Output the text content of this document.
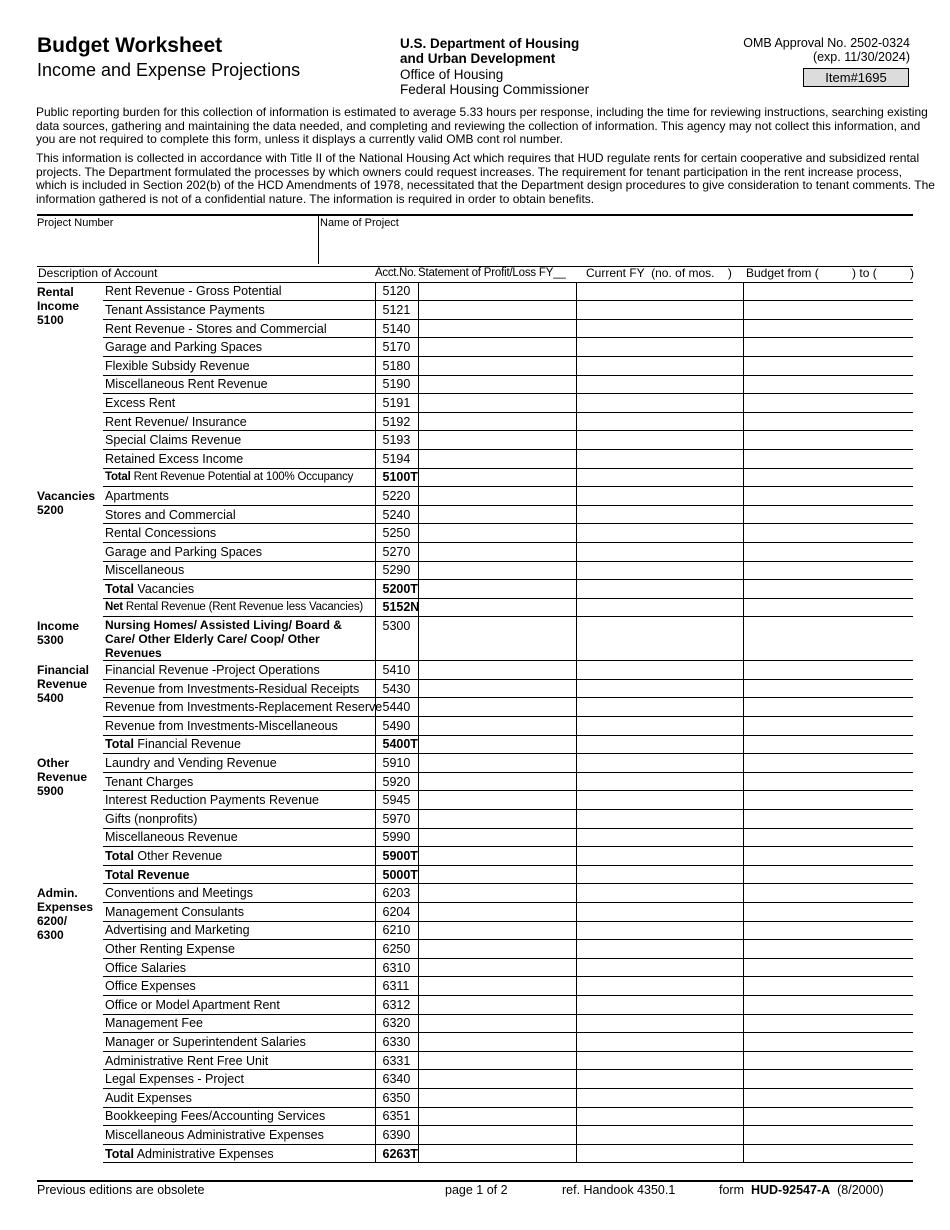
Budget Worksheet
Income and Expense Projections
U.S. Department of Housing
and Urban Development
Office of Housing
Federal Housing Commissioner
OMB Approval No. 2502-0324
(exp. 11/30/2024)
Item#1695
Public reporting burden for this collection of information is estimated to average 5.33 hours per response, including the time for reviewing instructions, searching existing data sources, gathering and maintaining the data needed, and completing and reviewing the collection of information. This agency may not collect this information, and you are not required to complete this form, unless it displays a currently valid OMB cont rol number.
This information is collected in accordance with Title II of the National Housing Act which requires that HUD regulate rents for certain cooperative and subsidized rental projects. The Department formulated the processes by which owners could request increases. The requirement for tenant participation in the rent increase process, which is included in Section 202(b) of the HCD Amendments of 1978, necessitated that the Department design procedures to give consideration to tenant comments. The information gathered is not of a confidential nature. The information is required in order to obtain benefits.
Project Number	Name of Project
Description of Account		Acct.No.	Statement of Profit/Loss FY__	Current FY  (no. of mos.    )	Budget from (          ) to (          )
Rental
Income
5100	Rent Revenue - Gross Potential	5120			
	Tenant Assistance Payments	5121			
	Rent Revenue - Stores and Commercial	5140			
	Garage and Parking Spaces	5170			
	Flexible Subsidy Revenue	5180			
	Miscellaneous Rent Revenue	5190			
	Excess Rent	5191			
	Rent Revenue/ Insurance	5192			
	Special Claims Revenue	5193			
	Retained Excess Income	5194			
	Total Rent Revenue Potential at 100% Occupancy	5100T			
Vacancies
5200	Apartments	5220			
	Stores and Commercial	5240			
	Rental Concessions	5250			
	Garage and Parking Spaces	5270			
	Miscellaneous	5290			
	Total Vacancies	5200T			
	Net Rental Revenue (Rent Revenue less Vacancies)	5152N			
Income
5300	Nursing Homes/ Assisted Living/ Board & Care/ Other Elderly Care/ Coop/ Other Revenues	5300			
Financial
Revenue
5400	Financial Revenue -Project Operations	5410			
	Revenue from Investments-Residual Receipts	5430			
	Revenue from Investments-Replacement Reserve	5440			
	Revenue from Investments-Miscellaneous	5490			
	Total Financial Revenue	5400T			
Other
Revenue
5900	Laundry and Vending Revenue	5910			
	Tenant Charges	5920			
	Interest Reduction Payments Revenue	5945			
	Gifts (nonprofits)	5970			
	Miscellaneous Revenue	5990			
	Total Other Revenue	5900T			
	Total Revenue	5000T			
Admin.
Expenses
6200/
6300	Conventions and Meetings	6203			
	Management Consulants	6204			
	Advertising and Marketing	6210			
	Other Renting Expense	6250			
	Office Salaries	6310			
	Office Expenses	6311			
	Office or Model Apartment Rent	6312			
	Management Fee	6320			
	Manager or Superintendent Salaries	6330			
	Administrative Rent Free Unit	6331			
	Legal Expenses - Project	6340			
	Audit Expenses	6350			
	Bookkeeping Fees/Accounting Services	6351			
	Miscellaneous Administrative Expenses	6390			
	Total Administrative Expenses	6263T			
Previous editions are obsolete	page 1 of 2	ref. Handook 4350.1	form HUD-92547-A (8/2000)
